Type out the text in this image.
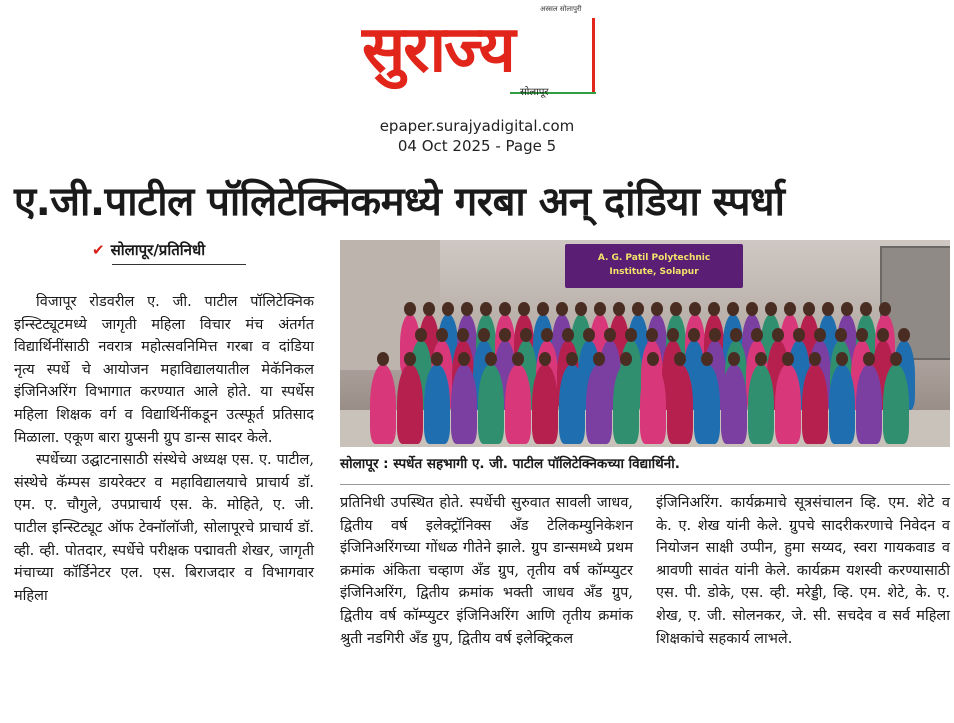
अस्सल सोलापुरी
सुराज्य
सोलापूर
epaper.surajyadigital.com
04 Oct 2025 - Page 5
ए.जी.पाटील पॉलिटेक्निकमध्ये गरबा अन् दांडिया स्पर्धा
✔ सोलापूर/प्रतिनिधी

विजापूर रोडवरील ए. जी. पाटील पॉलिटेक्निक इन्स्टिट्यूटमध्ये जागृती महिला विचार मंच अंतर्गत विद्यार्थिनींसाठी नवरात्र महोत्सवनिमित्त गरबा व दांडिया नृत्य स्पर्धे चे आयोजन महाविद्यालयातील मेकॅनिकल इंजिनिअरिंग विभागात करण्यात आले होते. या स्पर्धेस महिला शिक्षक वर्ग व विद्यार्थिनींकडून उत्स्फूर्त प्रतिसाद मिळाला. एकूण बारा ग्रुप्सनी ग्रुप डान्स सादर केले.

स्पर्धेच्या उद्घाटनासाठी संस्थेचे अध्यक्ष एस. ए. पाटील, संस्थेचे कॅम्पस डायरेक्टर व महाविद्यालयाचे प्राचार्य डॉ. एम. ए. चौगुले, उपप्राचार्य एस. के. मोहिते, ए. जी. पाटील इन्स्टिट्यूट ऑफ टेक्नॉलॉजी, सोलापूरचे प्राचार्य डॉ. व्ही. व्ही. पोतदार, स्पर्धेचे परीक्षक पद्मावती शेखर, जागृती मंचाच्या कॉर्डिनेटर एल. एस. बिराजदार व विभागवार महिला

A. G. Patil Polytechnic
Institute, Solapur
सोलापूर : स्पर्धेत सहभागी ए. जी. पाटील पॉलिटेक्निकच्या विद्यार्थिनी.

प्रतिनिधी उपस्थित होते. स्पर्धेची सुरुवात सावली जाधव, द्वितीय वर्ष इलेक्ट्रॉनिक्स अँड टेलिकम्युनिकेशन इंजिनिअरिंगच्या गोंधळ गीतेने झाले. ग्रुप डान्समध्ये प्रथम क्रमांक अंकिता चव्हाण अँड ग्रुप, तृतीय वर्ष कॉम्प्युटर इंजिनिअरिंग, द्वितीय क्रमांक भक्ती जाधव अँड ग्रुप, द्वितीय वर्ष कॉम्प्युटर इंजिनिअरिंग आणि तृतीय क्रमांक श्रुती नडगिरी अँड ग्रुप, द्वितीय वर्ष इलेक्ट्रिकल

इंजिनिअरिंग. कार्यक्रमाचे सूत्रसंचालन व्हि. एम. शेटे व के. ए. शेख यांनी केले. ग्रुपचे सादरीकरणाचे निवेदन व नियोजन साक्षी उप्पीन, हुमा सय्यद, स्वरा गायकवाड व श्रावणी सावंत यांनी केले. कार्यक्रम यशस्वी करण्यासाठी एस. पी. डोके, एस. व्ही. मरेड्डी, व्हि. एम. शेटे, के. ए. शेख, ए. जी. सोलनकर, जे. सी. सचदेव व सर्व महिला शिक्षकांचे सहकार्य लाभले.
